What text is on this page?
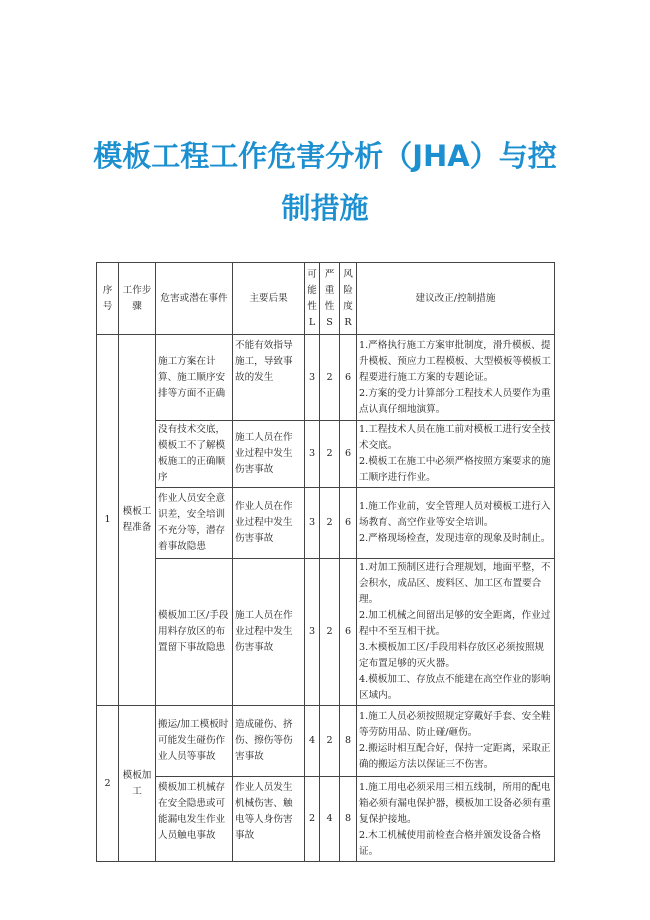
模板工程工作危害分析（JHA）与控
制措施
序号	工作步骤	危害或潜在事件	主要后果	可能性L	严重性S	风险度R	建议改正/控制措施
1	模板工程准备	施工方案在计算、施工顺序安排等方面不正确	不能有效指导施工，导致事故的发生	3	2	6	1.严格执行施工方案审批制度，滑升模板、提升模板、预应力工程模板、大型模板等模板工程要进行施工方案的专题论证。
2.方案的受力计算部分工程技术人员要作为重点认真仔细地演算。

		没有技术交底，模板工不了解模板施工的正确顺序	施工人员在作业过程中发生伤害事故	3	2	6	1.工程技术人员在施工前对模板工进行安全技术交底。
2.模板工在施工中必须严格按照方案要求的施工顺序进行作业。

		作业人员安全意识差，安全培训不充分等，潜存着事故隐患	作业人员在作业过程中发生伤害事故	3	2	6	1.施工作业前，安全管理人员对模板工进行入场教育、高空作业等安全培训。
2.严格现场检查，发现违章的现象及时制止。

		模板加工区/手段用料存放区的布置留下事故隐患	施工人员在作业过程中发生伤害事故	3	2	6	1.对加工预制区进行合理规划，地面平整，不会积水，成品区、废料区、加工区布置要合理。
2.加工机械之间留出足够的安全距离，作业过程中不至互相干扰。
3.木模板加工区/手段用料存放区必须按照规定布置足够的灭火器。
4.模板加工、存放点不能建在高空作业的影响区域内。

2	模板加工	搬运/加工模板时可能发生碰伤作业人员等事故	造成碰伤、挤伤、擦伤等伤害事故	4	2	8	1.施工人员必须按照规定穿戴好手套、安全鞋等劳防用品、防止碰/砸伤。
2.搬运时相互配合好，保持一定距离，采取正确的搬运方法以保证三不伤害。

		模板加工机械存在安全隐患或可能漏电发生作业人员触电事故	作业人员发生机械伤害、触电等人身伤害事故	2	4	8	1.施工用电必须采用三相五线制，所用的配电箱必须有漏电保护器，模板加工设备必须有重复保护接地。
2.木工机械使用前检查合格并颁发设备合格证。
